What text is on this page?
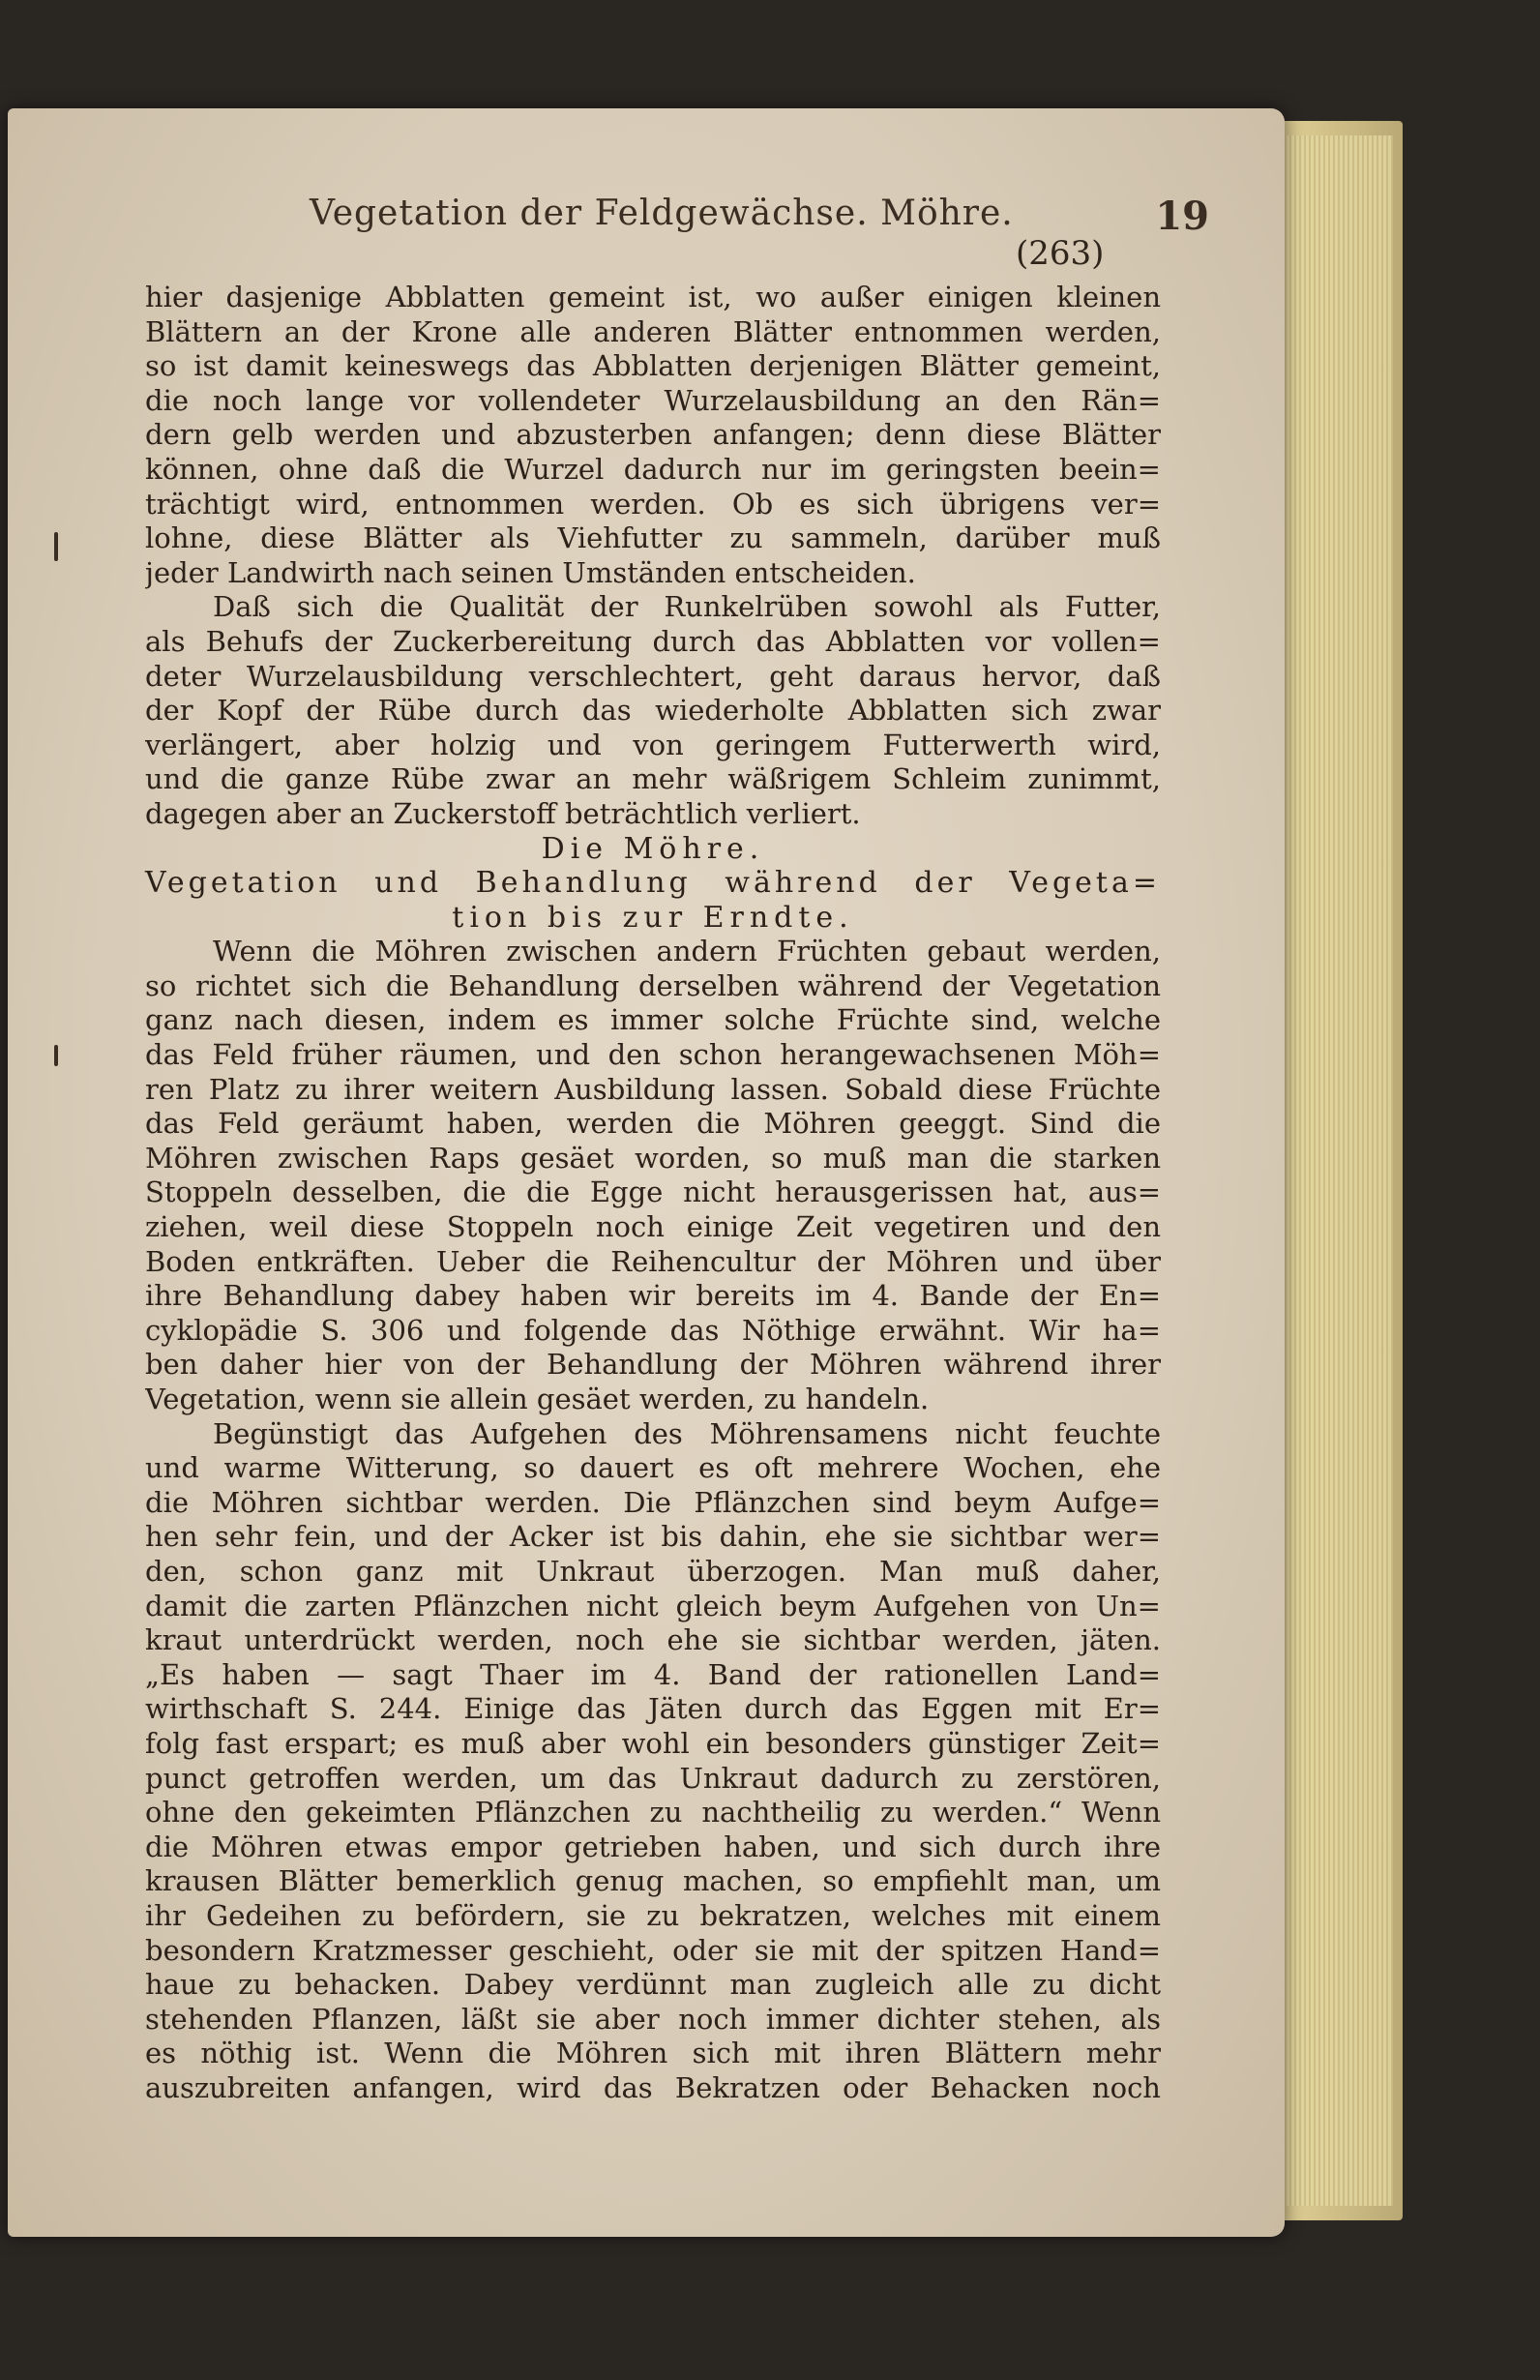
Vegetation der Feldgewächse. Möhre.	19
(263)
hier dasjenige Abblatten gemeint ist, wo außer einigen kleinen
Blättern an der Krone alle anderen Blätter entnommen werden,
so ist damit keineswegs das Abblatten derjenigen Blätter gemeint,
die noch lange vor vollendeter Wurzelausbildung an den Rän=
dern gelb werden und abzusterben anfangen; denn diese Blätter
können, ohne daß die Wurzel dadurch nur im geringsten beein=
trächtigt wird, entnommen werden. Ob es sich übrigens ver=
lohne, diese Blätter als Viehfutter zu sammeln, darüber muß
jeder Landwirth nach seinen Umständen entscheiden.
Daß sich die Qualität der Runkelrüben sowohl als Futter,
als Behufs der Zuckerbereitung durch das Abblatten vor vollen=
deter Wurzelausbildung verschlechtert, geht daraus hervor, daß
der Kopf der Rübe durch das wiederholte Abblatten sich zwar
verlängert, aber holzig und von geringem Futterwerth wird,
und die ganze Rübe zwar an mehr wäßrigem Schleim zunimmt,
dagegen aber an Zuckerstoff beträchtlich verliert.
Die Möhre.
Vegetation und Behandlung während der Vegeta=
tion bis zur Erndte.
Wenn die Möhren zwischen andern Früchten gebaut werden,
so richtet sich die Behandlung derselben während der Vegetation
ganz nach diesen, indem es immer solche Früchte sind, welche
das Feld früher räumen, und den schon herangewachsenen Möh=
ren Platz zu ihrer weitern Ausbildung lassen. Sobald diese Früchte
das Feld geräumt haben, werden die Möhren geeggt. Sind die
Möhren zwischen Raps gesäet worden, so muß man die starken
Stoppeln desselben, die die Egge nicht herausgerissen hat, aus=
ziehen, weil diese Stoppeln noch einige Zeit vegetiren und den
Boden entkräften. Ueber die Reihencultur der Möhren und über
ihre Behandlung dabey haben wir bereits im 4. Bande der En=
cyklopädie S. 306 und folgende das Nöthige erwähnt. Wir ha=
ben daher hier von der Behandlung der Möhren während ihrer
Vegetation, wenn sie allein gesäet werden, zu handeln.
Begünstigt das Aufgehen des Möhrensamens nicht feuchte
und warme Witterung, so dauert es oft mehrere Wochen, ehe
die Möhren sichtbar werden. Die Pflänzchen sind beym Aufge=
hen sehr fein, und der Acker ist bis dahin, ehe sie sichtbar wer=
den, schon ganz mit Unkraut überzogen. Man muß daher,
damit die zarten Pflänzchen nicht gleich beym Aufgehen von Un=
kraut unterdrückt werden, noch ehe sie sichtbar werden, jäten.
„Es haben — sagt Thaer im 4. Band der rationellen Land=
wirthschaft S. 244. Einige das Jäten durch das Eggen mit Er=
folg fast erspart; es muß aber wohl ein besonders günstiger Zeit=
punct getroffen werden, um das Unkraut dadurch zu zerstören,
ohne den gekeimten Pflänzchen zu nachtheilig zu werden.“ Wenn
die Möhren etwas empor getrieben haben, und sich durch ihre
krausen Blätter bemerklich genug machen, so empfiehlt man, um
ihr Gedeihen zu befördern, sie zu bekratzen, welches mit einem
besondern Kratzmesser geschieht, oder sie mit der spitzen Hand=
haue zu behacken. Dabey verdünnt man zugleich alle zu dicht
stehenden Pflanzen, läßt sie aber noch immer dichter stehen, als
es nöthig ist. Wenn die Möhren sich mit ihren Blättern mehr
auszubreiten anfangen, wird das Bekratzen oder Behacken noch
